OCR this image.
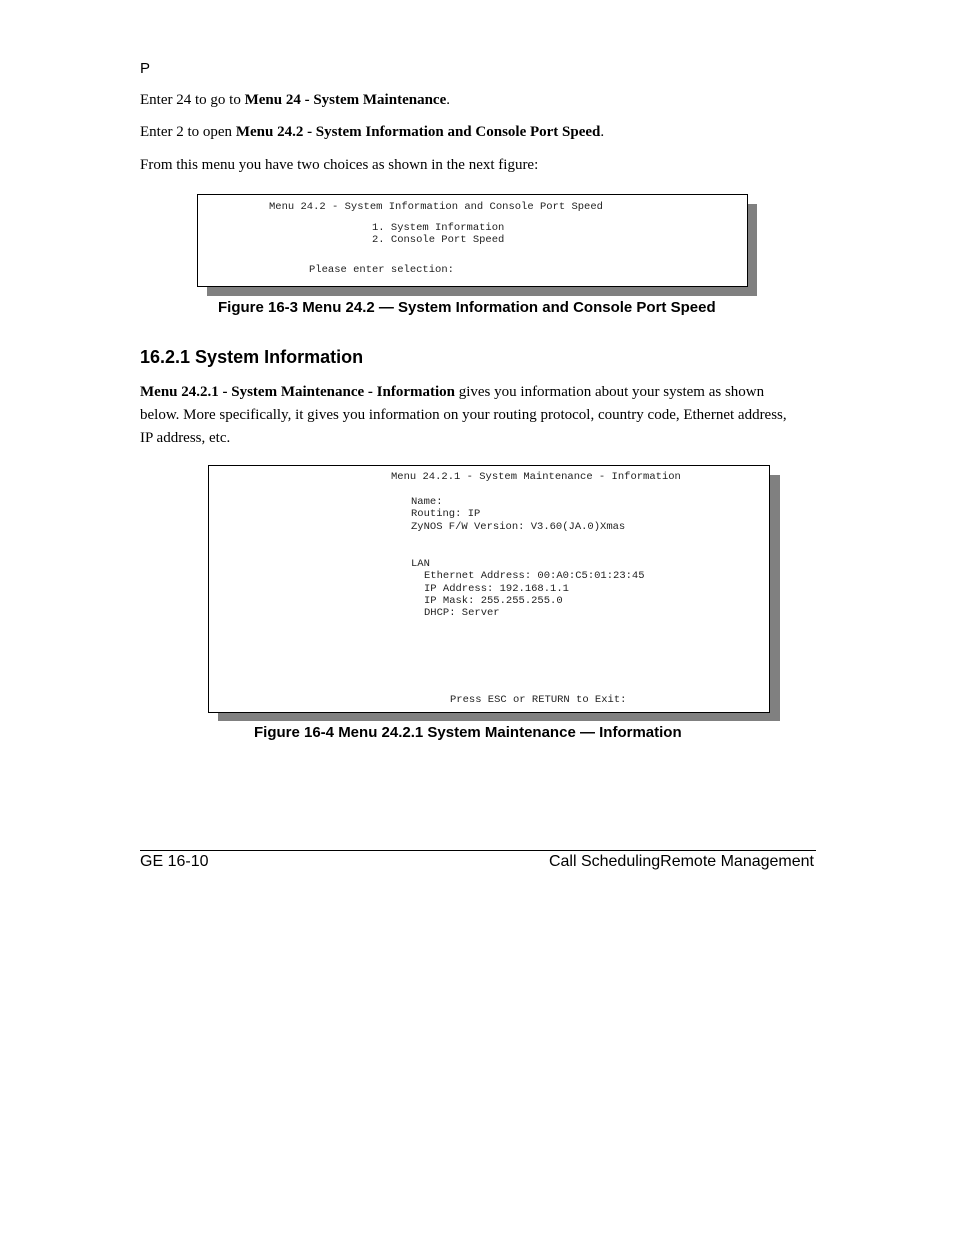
P
Enter 24 to go to Menu 24 - System Maintenance.
Enter 2 to open Menu 24.2 - System Information and Console Port Speed.
From this menu you have two choices as shown in the next figure:
Menu 24.2 - System Information and Console Port Speed
1. System Information
2. Console Port Speed
Please enter selection:
Figure 16-3 Menu 24.2 — System Information and Console Port Speed
16.2.1 System Information
Menu 24.2.1 - System Maintenance - Information gives you information about your system as shown below. More specifically, it gives you information on your routing protocol, country code, Ethernet address, IP address, etc.
Menu 24.2.1 - System Maintenance - Information
Name:
Routing: IP
ZyNOS F/W Version: V3.60(JA.0)Xmas
LAN
Ethernet Address: 00:A0:C5:01:23:45
IP Address: 192.168.1.1
IP Mask: 255.255.255.0
DHCP: Server
Press ESC or RETURN to Exit:
Figure 16-4 Menu 24.2.1 System Maintenance — Information
GE 16-10	Call SchedulingRemote Management
